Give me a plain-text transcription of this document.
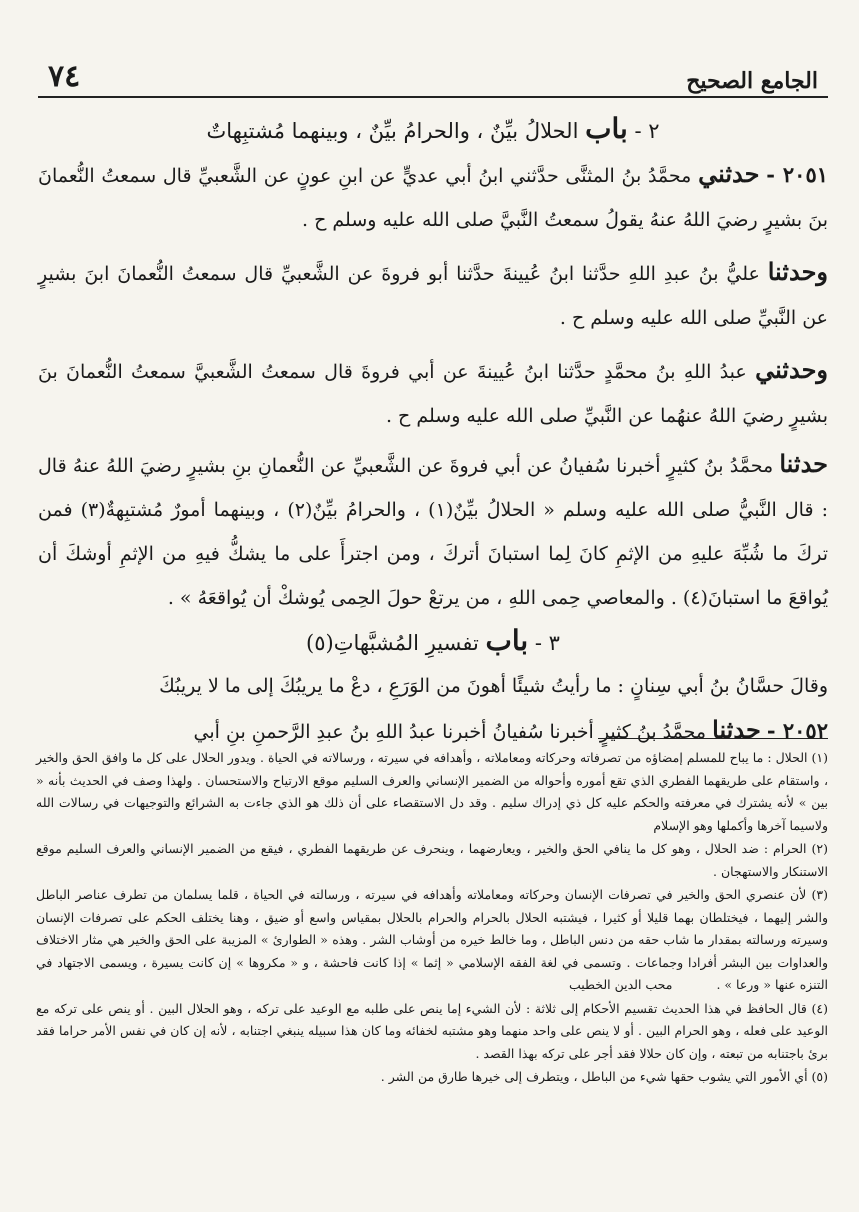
الجامع الصحيح
٧٤
٢ - باب الحلالُ بيِّنٌ ، والحرامُ بيِّنٌ ، وبينهما مُشتبِهاتٌ

٢٠٥١ - حدثني محمَّدُ بنُ المثنَّى حدَّثني ابنُ أبي عديٍّ عن ابنِ عونٍ عن الشَّعبيِّ قال سمعتُ النُّعمانَ بنَ بشيرٍ رضيَ اللهُ عنهُ يقولُ سمعتُ النَّبيَّ صلى الله عليه وسلم ح .

وحدثنا عليُّ بنُ عبدِ اللهِ حدَّثنا ابنُ عُيينةَ حدَّثنا أبو فروةَ عن الشَّعبيِّ قال سمعتُ النُّعمانَ ابنَ بشيرٍ عن النَّبيِّ صلى الله عليه وسلم ح .

وحدثني عبدُ اللهِ بنُ محمَّدٍ حدَّثنا ابنُ عُيينةَ عن أبي فروةَ قال سمعتُ الشَّعبيَّ سمعتُ النُّعمانَ بنَ بشيرٍ رضيَ اللهُ عنهُما عن النَّبيِّ صلى الله عليه وسلم ح .

حدثنا محمَّدُ بنُ كثيرٍ أخبرنا سُفيانُ عن أبي فروةَ عن الشَّعبيِّ عن النُّعمانِ بنِ بشيرٍ رضيَ اللهُ عنهُ قال : قال النَّبيُّ صلى الله عليه وسلم « الحلالُ بيِّنٌ(١) ، والحرامُ بيِّنٌ(٢) ، وبينهما أمورٌ مُشتبِهةٌ(٣) فمن تركَ ما شُبِّهَ عليهِ من الإثمِ كانَ لِما استبانَ أتركَ ، ومن اجترأَ على ما يشكُّ فيهِ من الإثمِ أوشكَ أن يُواقعَ ما استبانَ(٤) . والمعاصي حِمى اللهِ ، من يرتعْ حولَ الحِمى يُوشكْ أن يُواقعَهُ » .

٣ - باب تفسيرِ المُشبَّهاتِ(٥)

وقالَ حسَّانُ بنُ أبي سِنانٍ : ما رأيتُ شيئًا أهونَ من الوَرَعِ ، دعْ ما يريبُكَ إلى ما لا يريبُكَ

٢٠٥٢ - حدثنا محمَّدُ بنُ كثيرٍ أخبرنا سُفيانُ أخبرنا عبدُ اللهِ بنُ عبدِ الرَّحمنِ بنِ أبي

(١) الحلال : ما يباح للمسلم إمضاؤه من تصرفاته وحركاته ومعاملاته ، وأهدافه في سيرته ، ورسالاته في الحياة . ويدور الحلال على كل ما وافق الحق والخير ، واستقام على طريقهما الفطري الذي تقع أموره وأحواله من الضمير الإنساني والعرف السليم موقع الارتياح والاستحسان . ولهذا وصف في الحديث بأنه « بين » لأنه يشترك في معرفته والحكم عليه كل ذي إدراك سليم . وقد دل الاستقصاء على أن ذلك هو الذي جاءت به الشرائع والتوجيهات في رسالات الله ولاسيما آخرها وأكملها وهو الإسلام

(٢) الحرام : ضد الحلال ، وهو كل ما ينافي الحق والخير ، ويعارضهما ، وينحرف عن طريقهما الفطري ، فيقع من الضمير الإنساني والعرف السليم موقع الاستنكار والاستهجان .

(٣) لأن عنصري الحق والخير في تصرفات الإنسان وحركاته ومعاملاته وأهدافه في سيرته ، ورسالته في الحياة ، قلما يسلمان من تطرف عناصر الباطل والشر إليهما ، فيختلطان بهما قليلا أو كثيرا ، فيشتبه الحلال بالحرام والحرام بالحلال بمقياس واسع أو ضيق ، وهنا يختلف الحكم على تصرفات الإنسان وسيرته ورسالته بمقدار ما شاب حقه من دنس الباطل ، وما خالط خيره من أوشاب الشر . وهذه « الطوارئ » المزيبة على الحق والخير هي مثار الاختلاف والعداوات بين البشر أفرادا وجماعات . وتسمى في لغة الفقه الإسلامي « إثما » إذا كانت فاحشة ، و « مكروها » إن كانت يسيرة ، ويسمى الاجتهاد في التنزه عنها « ورعا » . محب الدين الخطيب

(٤) قال الحافظ في هذا الحديث تقسيم الأحكام إلى ثلاثة : لأن الشيء إما ينص على طلبه مع الوعيد على تركه ، وهو الحلال البين . أو ينص على تركه مع الوعيد على فعله ، وهو الحرام البين . أو لا ينص على واحد منهما وهو مشتبه لخفائه وما كان هذا سبيله ينبغي اجتنابه ، لأنه إن كان في نفس الأمر حراما فقد برئ باجتنابه من تبعته ، وإن كان حلالا فقد أجر على تركه بهذا القصد .

(٥) أي الأمور التي يشوب حقها شيء من الباطل ، ويتطرف إلى خيرها طارق من الشر .
